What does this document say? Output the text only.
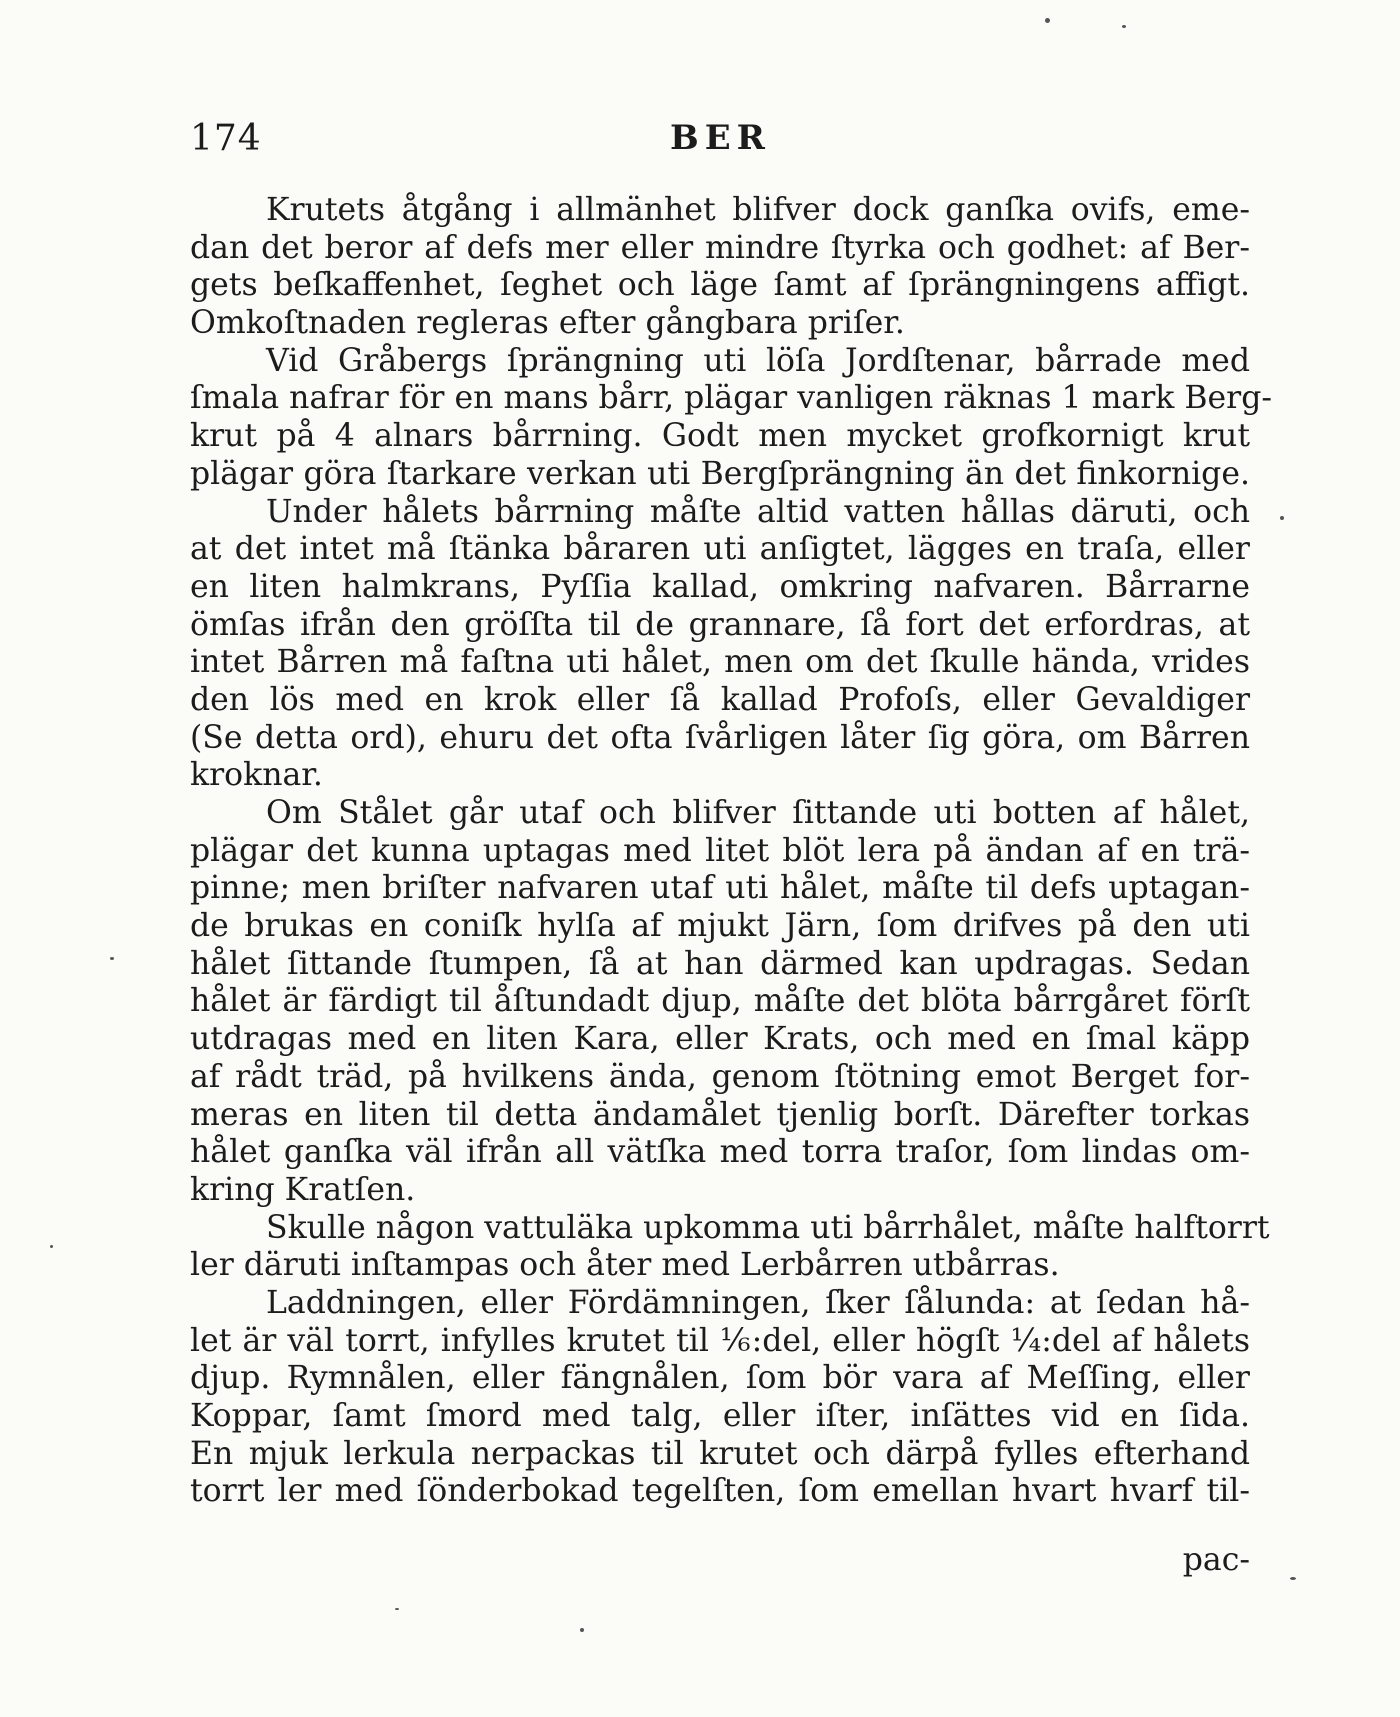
174	BER
Krutets åtgång i allmänhet blifver dock ganſka ovifs, eme-
dan det beror af defs mer eller mindre ſtyrka och godhet: af Ber-
gets beſkaffenhet, ſeghet och läge ſamt af ſprängningens affigt.
Omkoſtnaden regleras efter gångbara priſer.
Vid Gråbergs ſprängning uti löſa Jordſtenar, bårrade med
ſmala nafrar för en mans bårr, plägar vanligen räknas 1 mark Berg-
krut på 4 alnars bårrning. Godt men mycket grofkornigt krut
plägar göra ſtarkare verkan uti Bergſprängning än det finkornige.
Under hålets bårrning måſte altid vatten hållas däruti, och
at det intet må ſtänka båraren uti anſigtet, lägges en traſa, eller
en liten halmkrans, Pyſſia kallad, omkring nafvaren. Bårrarne
ömſas ifrån den gröſſta til de grannare, ſå fort det erfordras, at
intet Bårren må faſtna uti hålet, men om det ſkulle hända, vrides
den lös med en krok eller ſå kallad Profoſs, eller Gevaldiger
(Se detta ord), ehuru det ofta ſvårligen låter ſig göra, om Bårren
kroknar.
Om Stålet går utaf och blifver ſittande uti botten af hålet,
plägar det kunna uptagas med litet blöt lera på ändan af en trä-
pinne; men briſter nafvaren utaf uti hålet, måſte til defs uptagan-
de brukas en coniſk hylſa af mjukt Järn, ſom drifves på den uti
hålet ſittande ſtumpen, ſå at han därmed kan updragas. Sedan
hålet är färdigt til åſtundadt djup, måſte det blöta bårrgåret förſt
utdragas med en liten Kara, eller Krats, och med en ſmal käpp
af rådt träd, på hvilkens ända, genom ſtötning emot Berget for-
meras en liten til detta ändamålet tjenlig borſt. Därefter torkas
hålet ganſka väl ifrån all vätſka med torra traſor, ſom lindas om-
kring Kratſen.
Skulle någon vattuläka upkomma uti bårrhålet, måſte halftorrt
ler däruti inſtampas och åter med Lerbårren utbårras.
Laddningen, eller Fördämningen, ſker ſålunda: at ſedan hå-
let är väl torrt, infylles krutet til ⅙:del, eller högſt ¼:del af hålets
djup. Rymnålen, eller fängnålen, ſom bör vara af Meſſing, eller
Koppar, ſamt ſmord med talg, eller iſter, inſättes vid en ſida.
En mjuk lerkula nerpackas til krutet och därpå fylles efterhand
torrt ler med ſönderbokad tegelſten, ſom emellan hvart hvarf til-
pac-
